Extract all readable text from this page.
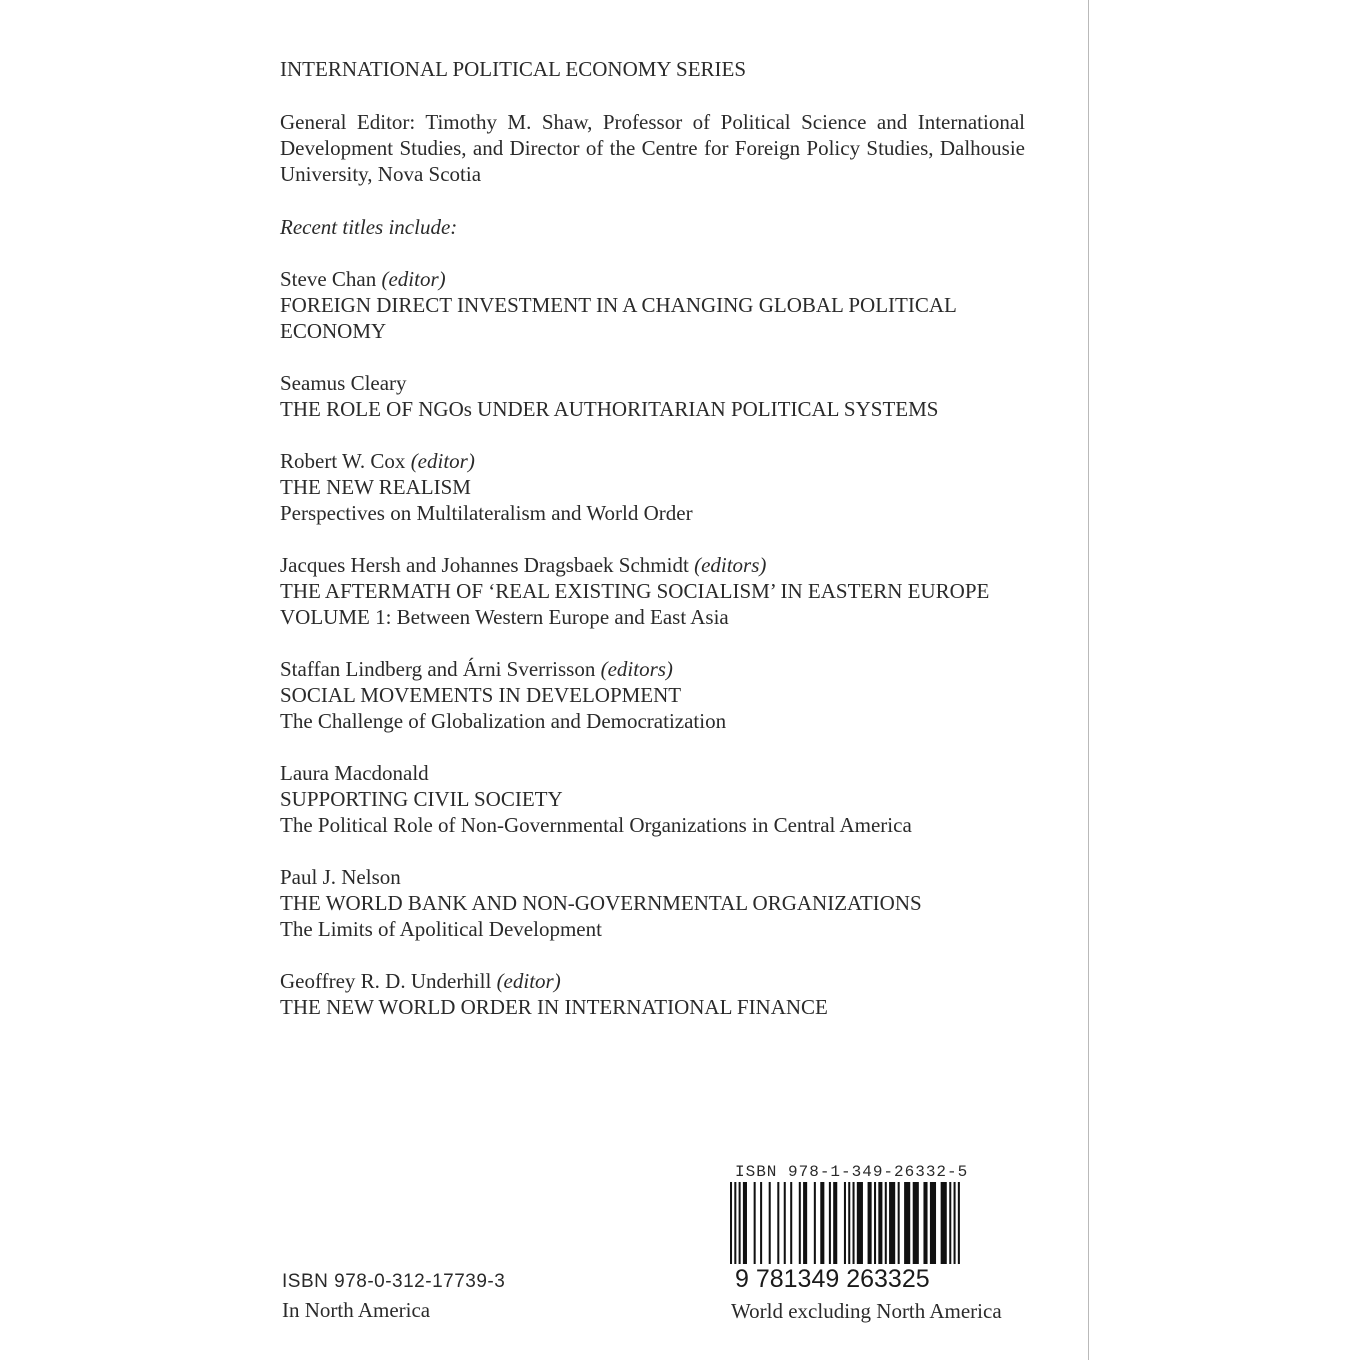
INTERNATIONAL POLITICAL ECONOMY SERIES

General Editor: Timothy M. Shaw, Professor of Political Science and International Development Studies, and Director of the Centre for Foreign Policy Studies, Dalhousie University, Nova Scotia

Recent titles include:

Steve Chan (editor)
FOREIGN DIRECT INVESTMENT IN A CHANGING GLOBAL POLITICAL ECONOMY
Seamus Cleary
THE ROLE OF NGOs UNDER AUTHORITARIAN POLITICAL SYSTEMS
Robert W. Cox (editor)
THE NEW REALISM
Perspectives on Multilateralism and World Order
Jacques Hersh and Johannes Dragsbaek Schmidt (editors)
THE AFTERMATH OF ‘REAL EXISTING SOCIALISM’ IN EASTERN EUROPE
VOLUME 1: Between Western Europe and East Asia
Staffan Lindberg and Árni Sverrisson (editors)
SOCIAL MOVEMENTS IN DEVELOPMENT
The Challenge of Globalization and Democratization
Laura Macdonald
SUPPORTING CIVIL SOCIETY
The Political Role of Non-Governmental Organizations in Central America
Paul J. Nelson
THE WORLD BANK AND NON-GOVERNMENTAL ORGANIZATIONS
The Limits of Apolitical Development
Geoffrey R. D. Underhill (editor)
THE NEW WORLD ORDER IN INTERNATIONAL FINANCE
ISBN 978-0-312-17739-3
In North America
ISBN 978-1-349-26332-5
9 781349 263325
World excluding North America
